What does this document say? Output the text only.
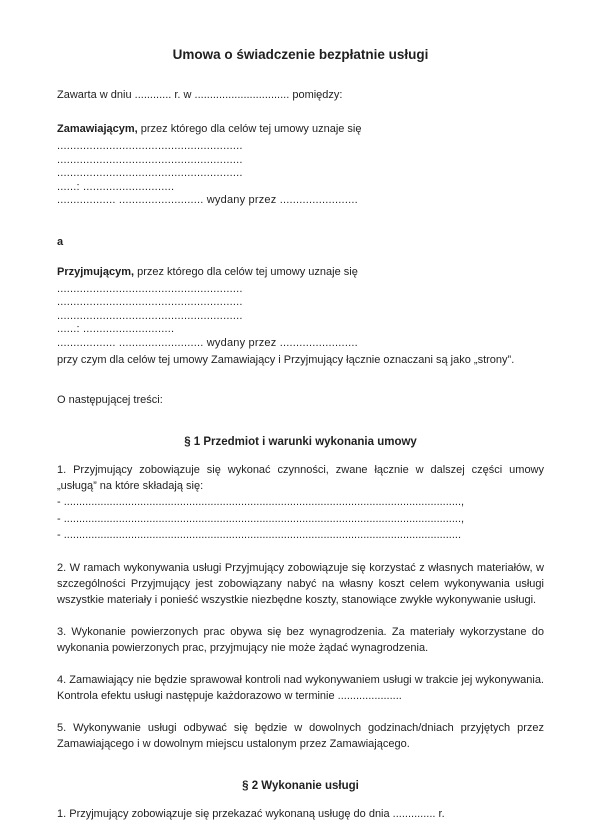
Umowa o świadczenie bezpłatnie usługi

Zawarta w dniu ............ r. w ............................... pomiędzy:

Zamawiającym, przez którego dla celów tej umowy uznaje się

.........................................................
.........................................................
.........................................................
......: ............................
.................. .......................... wydany przez ........................

a

Przyjmującym, przez którego dla celów tej umowy uznaje się

.........................................................
.........................................................
.........................................................
......: ............................
.................. .......................... wydany przez ........................

przy czym dla celów tej umowy Zamawiający i Przyjmujący łącznie oznaczani są jako „strony”.

O następującej treści:

§ 1 Przedmiot i warunki wykonania umowy

1. Przyjmujący zobowiązuje się wykonać czynności, zwane łącznie w dalszej części umowy „usługą” na które składają się:

- ..................................................................................................................................,
- ..................................................................................................................................,
- ..................................................................................................................................

2. W ramach wykonywania usługi Przyjmujący zobowiązuje się korzystać z własnych materiałów, w szczególności Przyjmujący jest zobowiązany nabyć na własny koszt celem wykonywania usługi wszystkie materiały i ponieść wszystkie niezbędne koszty, stanowiące zwykłe wykonywanie usługi.

3. Wykonanie powierzonych prac obywa się bez wynagrodzenia. Za materiały wykorzystane do wykonania powierzonych prac, przyjmujący nie może żądać wynagrodzenia.

4. Zamawiający nie będzie sprawował kontroli nad wykonywaniem usługi w trakcie jej wykonywania. Kontrola efektu usługi następuje każdorazowo w terminie .....................

5. Wykonywanie usługi odbywać się będzie w dowolnych godzinach/dniach przyjętych przez Zamawiającego i w dowolnym miejscu ustalonym przez Zamawiającego.

§ 2 Wykonanie usługi

1. Przyjmujący zobowiązuje się przekazać wykonaną usługę do dnia .............. r.
